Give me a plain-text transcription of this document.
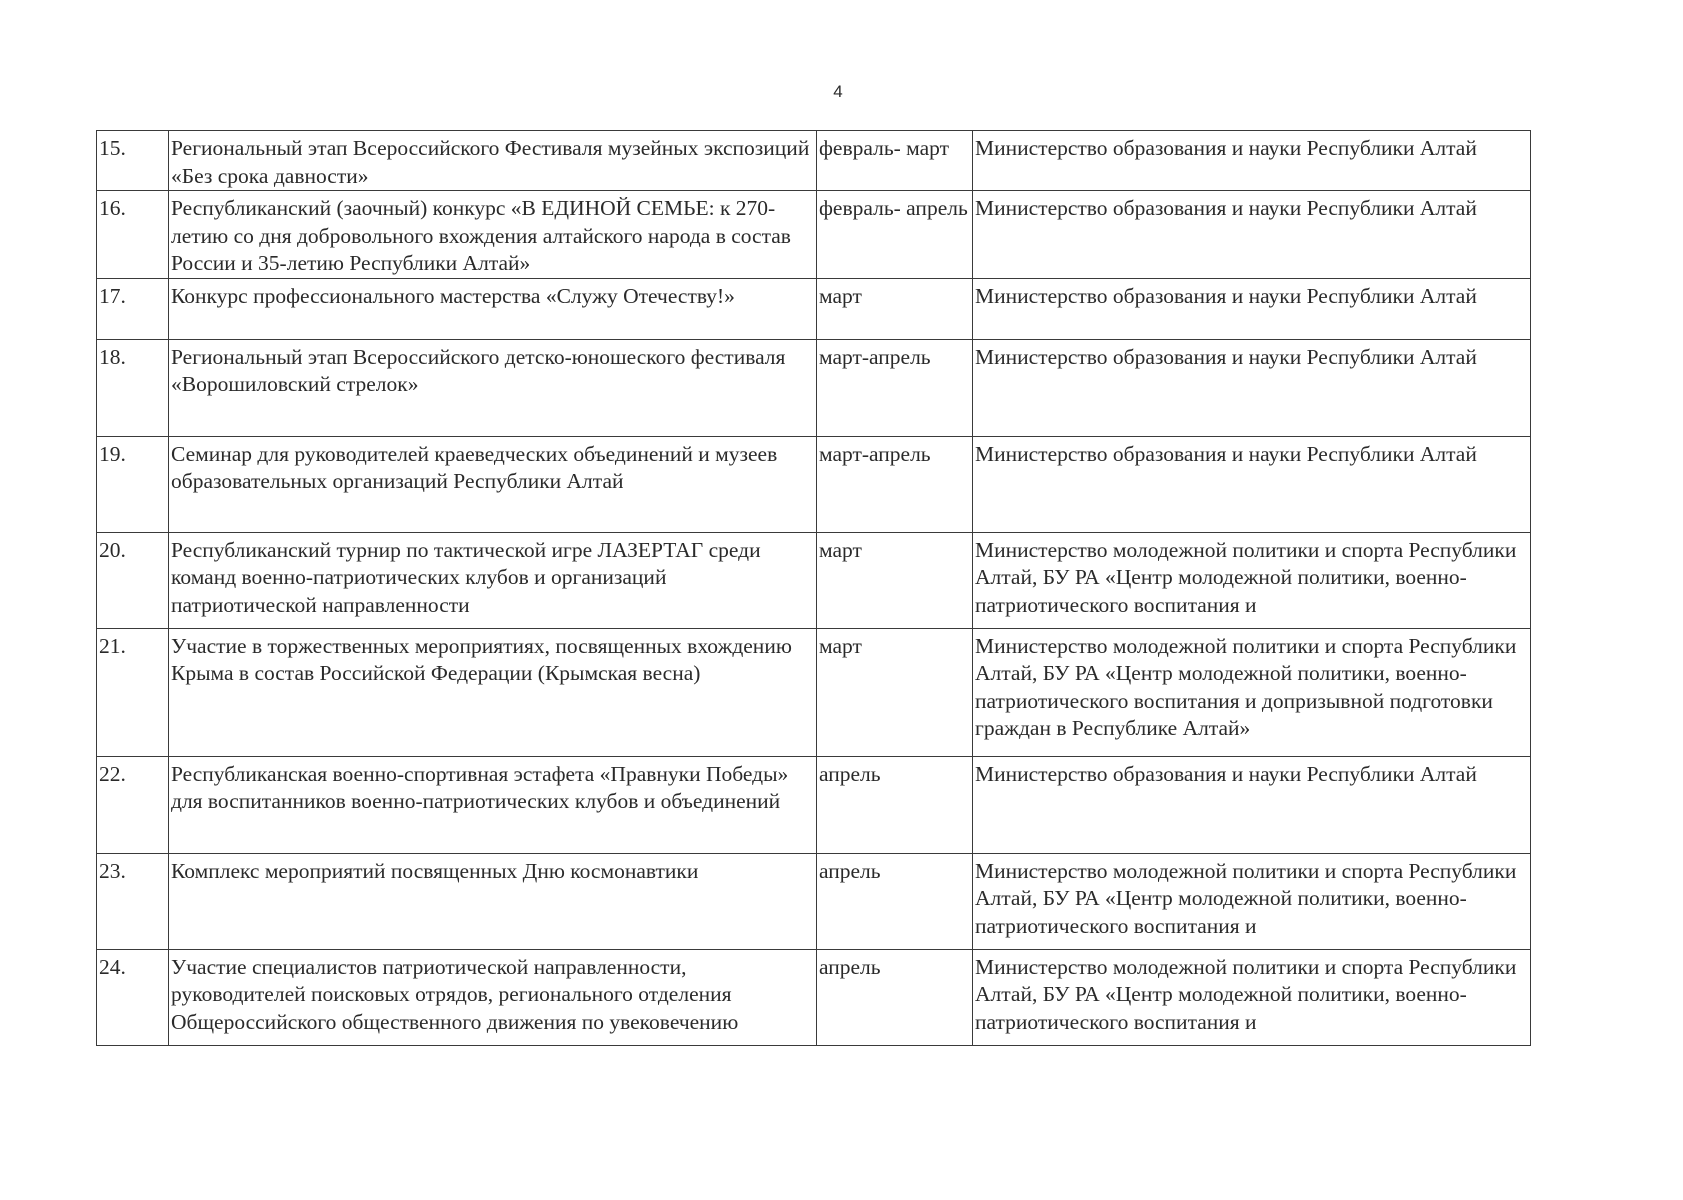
4
15.	Региональный этап Всероссийского Фестиваля музейных экспозиций «Без срока давности»	февраль- март	Министерство образования и науки Республики Алтай
16.	Республиканский (заочный) конкурс «В ЕДИНОЙ СЕМЬЕ: к 270-летию со дня добровольного вхождения алтайского народа в состав России и 35-летию Республики Алтай»	февраль- апрель	Министерство образования и науки Республики Алтай
17.	Конкурс профессионального мастерства «Служу Отечеству!»	март	Министерство образования и науки Республики Алтай
18.	Региональный этап Всероссийского детско-юношеского фестиваля «Ворошиловский стрелок»	март-апрель	Министерство образования и науки Республики Алтай
19.	Семинар для руководителей краеведческих объединений и музеев образовательных организаций Республики Алтай	март-апрель	Министерство образования и науки Республики Алтай
20.	Республиканский турнир по тактической игре ЛАЗЕРТАГ среди команд военно-патриотических клубов и организаций патриотической направленности	март	Министерство молодежной политики и спорта Республики Алтай, БУ РА «Центр молодежной политики, военно-патриотического воспитания и
21.	Участие в торжественных мероприятиях, посвященных вхождению Крыма в состав Российской Федерации (Крымская весна)	март	Министерство молодежной политики и спорта Республики Алтай, БУ РА «Центр молодежной политики, военно-патриотического воспитания и допризывной подготовки граждан в Республике Алтай»
22.	Республиканская военно-спортивная эстафета «Правнуки Победы» для воспитанников военно-патриотических клубов и объединений	апрель	Министерство образования и науки Республики Алтай
23.	Комплекс мероприятий посвященных Дню космонавтики	апрель	Министерство молодежной политики и спорта Республики Алтай, БУ РА «Центр молодежной политики, военно-патриотического воспитания и
24.	Участие специалистов патриотической направленности, руководителей поисковых отрядов, регионального отделения Общероссийского общественного движения по увековечению	апрель	Министерство молодежной политики и спорта Республики Алтай, БУ РА «Центр молодежной политики, военно-патриотического воспитания и
